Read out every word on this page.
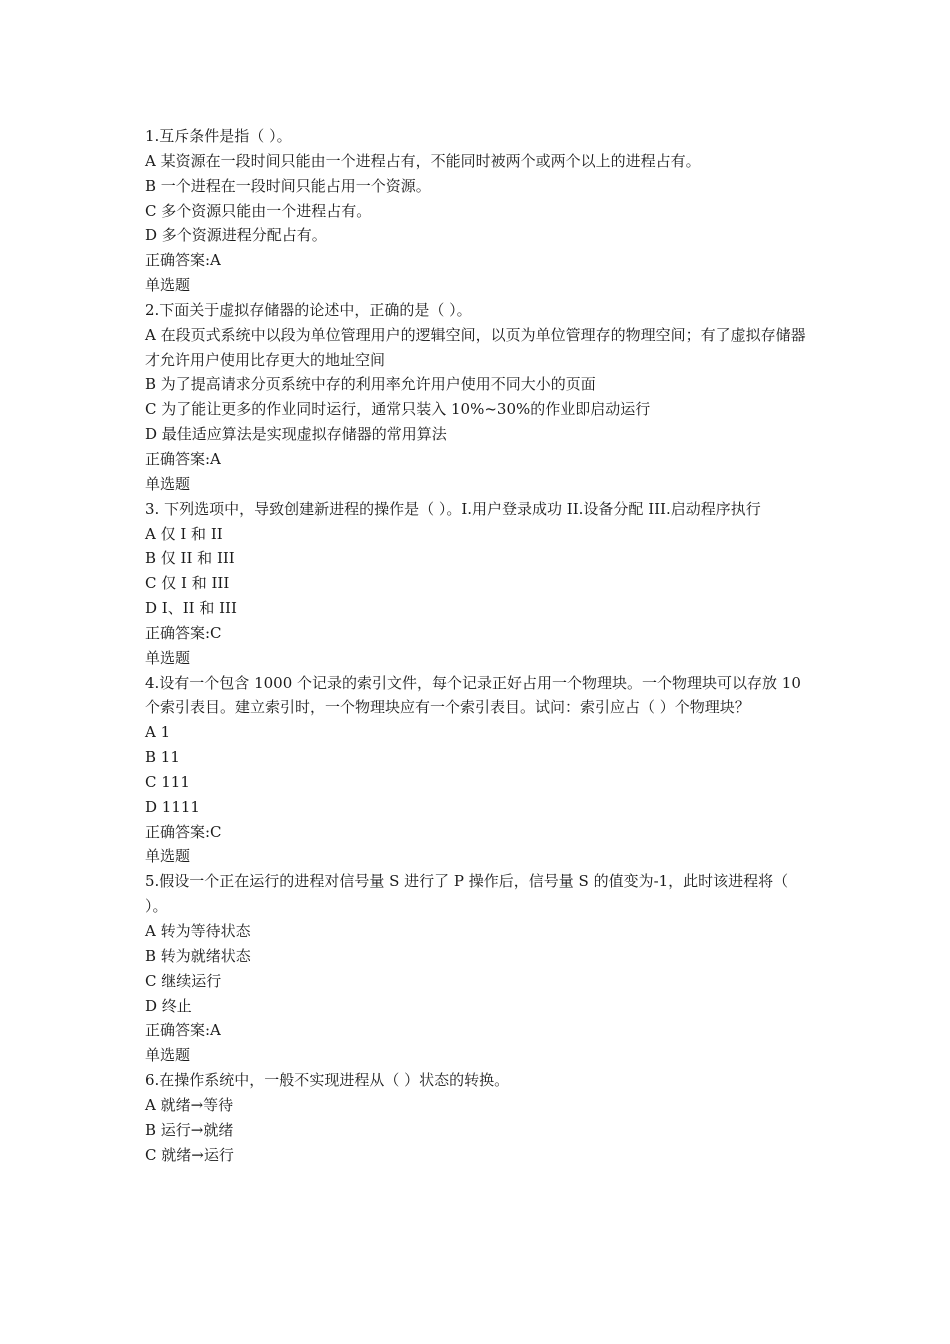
1.互斥条件是指（ ）。
A 某资源在一段时间只能由一个进程占有，不能同时被两个或两个以上的进程占有。
B 一个进程在一段时间只能占用一个资源。
C 多个资源只能由一个进程占有。
D 多个资源进程分配占有。
正确答案:A
单选题
2.下面关于虚拟存储器的论述中，正确的是（ ）。
A 在段页式系统中以段为单位管理用户的逻辑空间，以页为单位管理存的物理空间；有了虚拟存储器才允许用户使用比存更大的地址空间
B 为了提高请求分页系统中存的利用率允许用户使用不同大小的页面
C 为了能让更多的作业同时运行，通常只装入 10%~30%的作业即启动运行
D 最佳适应算法是实现虚拟存储器的常用算法
正确答案:A
单选题
3. 下列选项中，导致创建新进程的操作是（ ）。I.用户登录成功 II.设备分配 III.启动程序执行
A 仅 I 和 II
B 仅 II 和 III
C 仅 I 和 III
D I、II 和 III
正确答案:C
单选题
4.设有一个包含 1000 个记录的索引文件，每个记录正好占用一个物理块。一个物理块可以存放 10 个索引表目。建立索引时，一个物理块应有一个索引表目。试问：索引应占（ ）个物理块？
A 1
B 11
C 111
D 1111
正确答案:C
单选题
5.假设一个正在运行的进程对信号量 S 进行了 P 操作后，信号量 S 的值变为-1，此时该进程将（ ）。
A 转为等待状态
B 转为就绪状态
C 继续运行
D 终止
正确答案:A
单选题
6.在操作系统中，一般不实现进程从（ ）状态的转换。
A 就绪→等待
B 运行→就绪
C 就绪→运行
